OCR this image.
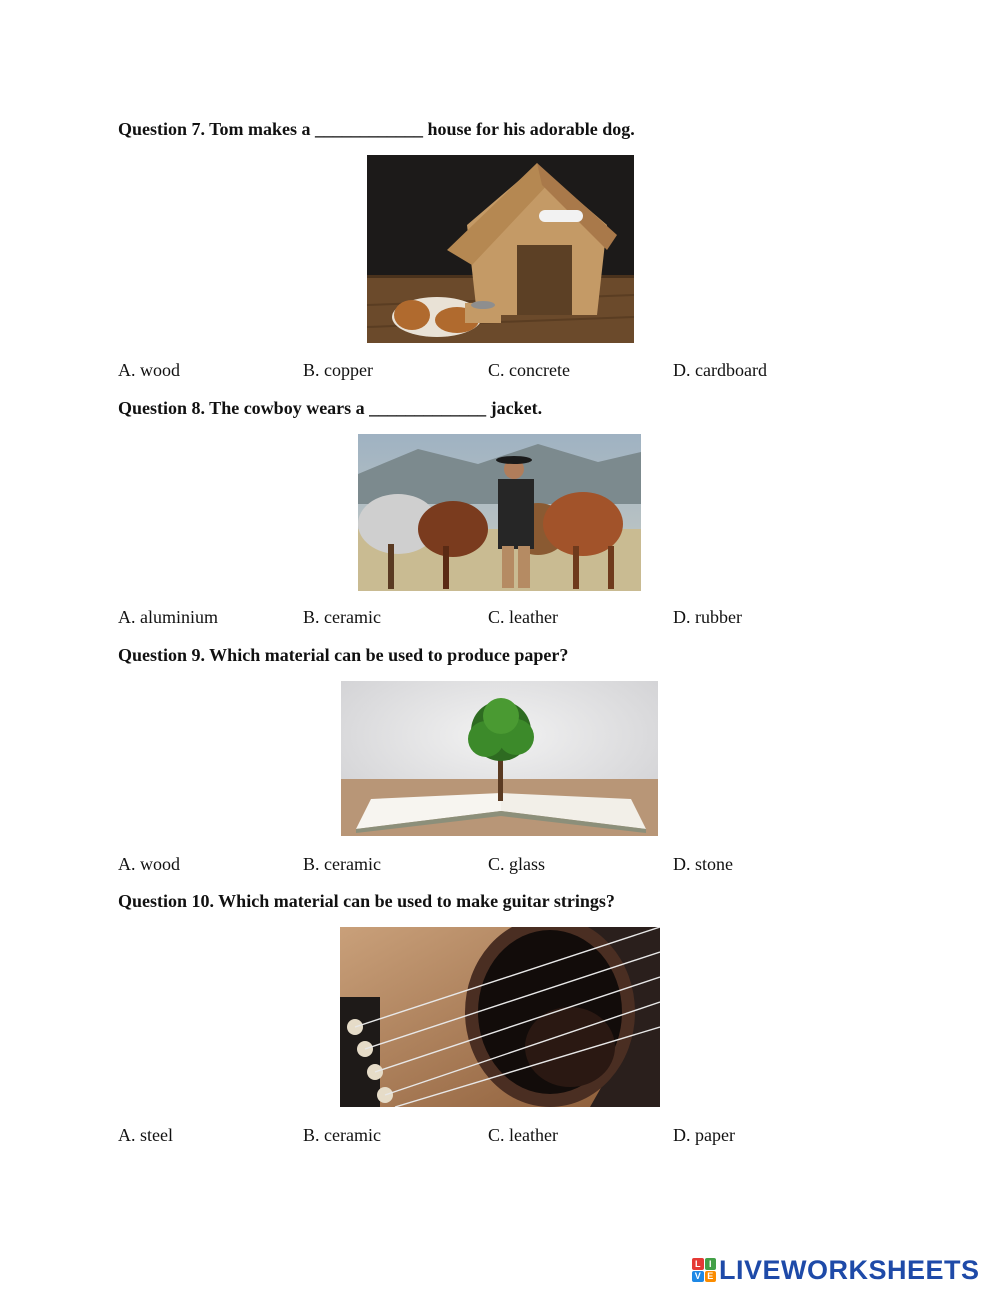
Question 7. Tom makes a ____________ house for his adorable dog.

A. wood	B. copper	C. concrete	D. cardboard

Question 8. The cowboy wears a _____________ jacket.

A. aluminium	B. ceramic	C. leather	D. rubber

Question 9. Which material can be used to produce paper?

A. wood	B. ceramic	C. glass	D. stone

Question 10. Which material can be used to make guitar strings?

A. steel	B. ceramic	C. leather	D. paper
L I
V E LIVEWORKSHEETS
